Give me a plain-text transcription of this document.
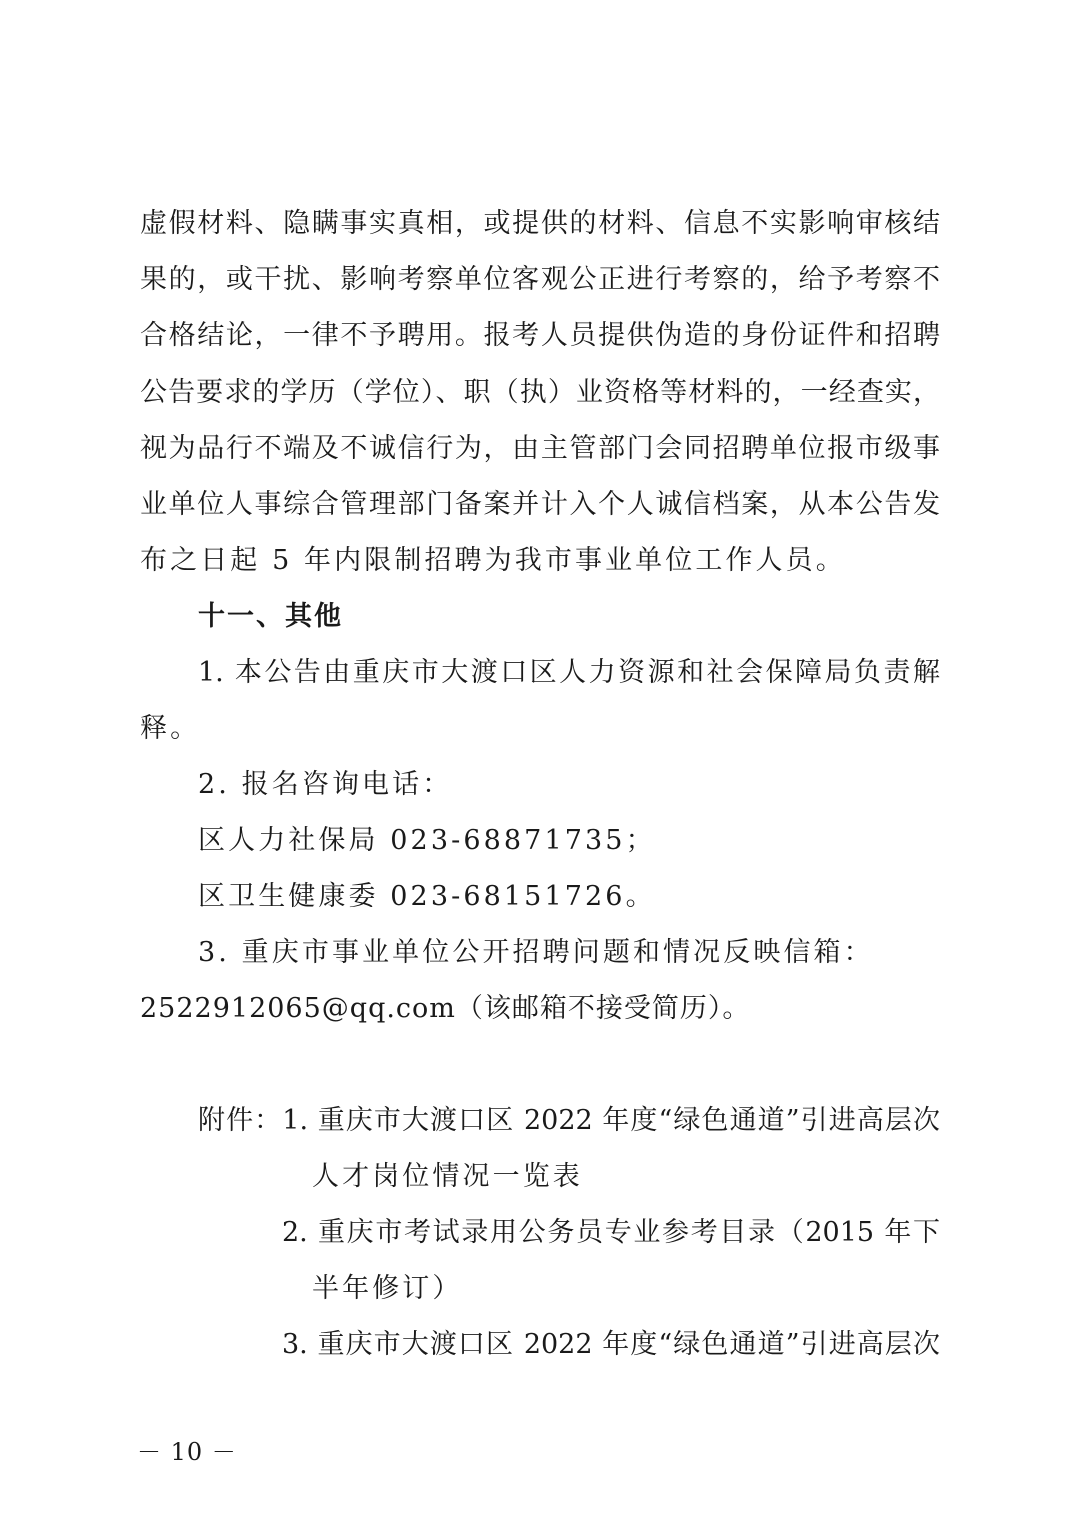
虚假材料、隐瞒事实真相，或提供的材料、信息不实影响审核结
果的，或干扰、影响考察单位客观公正进行考察的，给予考察不
合格结论，一律不予聘用。报考人员提供伪造的身份证件和招聘
公告要求的学历（学位）、职（执）业资格等材料的，一经查实，
视为品行不端及不诚信行为，由主管部门会同招聘单位报市级事
业单位人事综合管理部门备案并计入个人诚信档案，从本公告发
布之日起 5 年内限制招聘为我市事业单位工作人员。
十一、其他
1. 本公告由重庆市大渡口区人力资源和社会保障局负责解
释。
2. 报名咨询电话：
区人力社保局 023-68871735；
区卫生健康委 023-68151726。
3. 重庆市事业单位公开招聘问题和情况反映信箱：
2522912065@qq.com（该邮箱不接受简历）。
附件：1. 重庆市大渡口区 2022 年度“绿色通道”引进高层次
人才岗位情况一览表
2. 重庆市考试录用公务员专业参考目录（2015 年下
半年修订）
3. 重庆市大渡口区 2022 年度“绿色通道”引进高层次
－ 10 －
